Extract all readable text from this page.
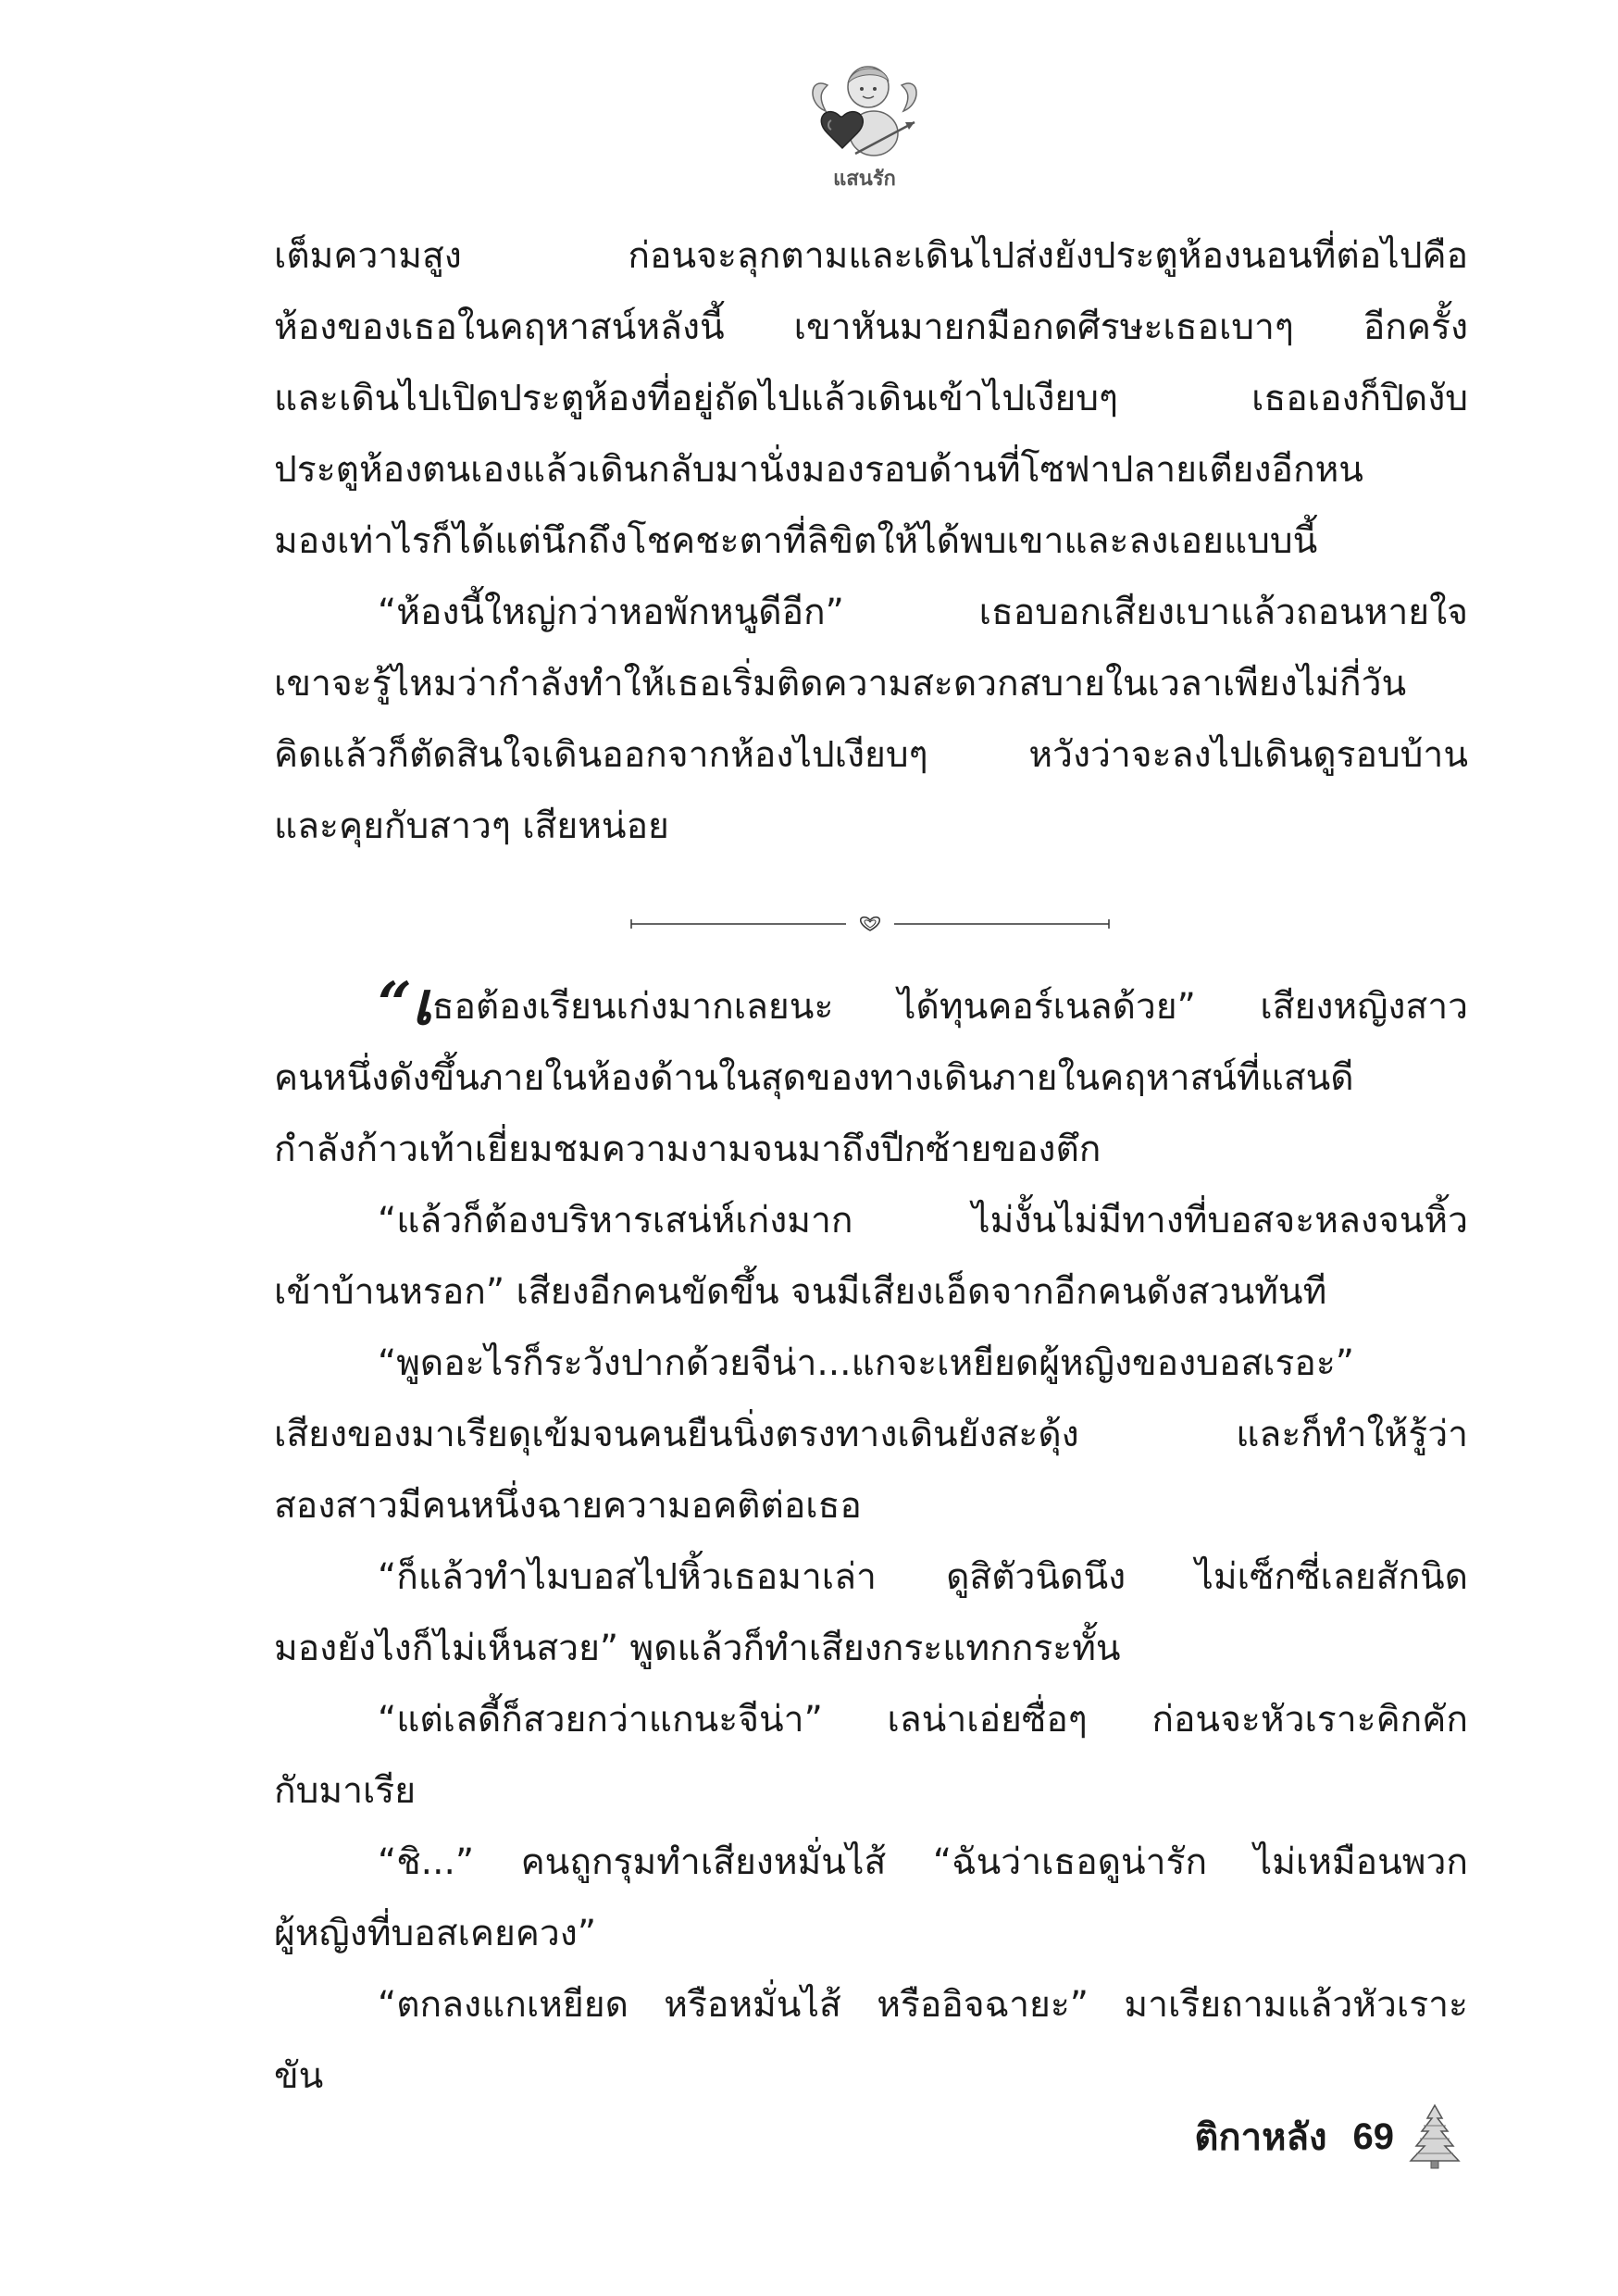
แสนรัก
เต็มความสูง ก่อนจะลุกตามและเดินไปส่งยังประตูห้องนอนที่ต่อไปคือ
ห้องของเธอในคฤหาสน์หลังนี้ เขาหันมายกมือกดศีรษะเธอเบาๆ อีกครั้ง
และเดินไปเปิดประตูห้องที่อยู่ถัดไปแล้วเดินเข้าไปเงียบๆ เธอเองก็ปิดงับ
ประตูห้องตนเองแล้วเดินกลับมานั่งมองรอบด้านที่โซฟาปลายเตียงอีกหน
มองเท่าไรก็ได้แต่นึกถึงโชคชะตาที่ลิขิตให้ได้พบเขาและลงเอยแบบนี้
“ห้องนี้ใหญ่กว่าหอพักหนูดีอีก” เธอบอกเสียงเบาแล้วถอนหายใจ
เขาจะรู้ไหมว่ากำลังทำให้เธอเริ่มติดความสะดวกสบายในเวลาเพียงไม่กี่วัน
คิดแล้วก็ตัดสินใจเดินออกจากห้องไปเงียบๆ หวังว่าจะลงไปเดินดูรอบบ้าน
และคุยกับสาวๆ เสียหน่อย
“เธอต้องเรียนเก่งมากเลยนะ ได้ทุนคอร์เนลด้วย” เสียงหญิงสาว
คนหนึ่งดังขึ้นภายในห้องด้านในสุดของทางเดินภายในคฤหาสน์ที่แสนดี
กำลังก้าวเท้าเยี่ยมชมความงามจนมาถึงปีกซ้ายของตึก
“แล้วก็ต้องบริหารเสน่ห์เก่งมาก ไม่งั้นไม่มีทางที่บอสจะหลงจนหิ้ว
เข้าบ้านหรอก” เสียงอีกคนขัดขึ้น จนมีเสียงเอ็ดจากอีกคนดังสวนทันที
“พูดอะไรก็ระวังปากด้วยจีน่า...แกจะเหยียดผู้หญิงของบอสเรอะ”
เสียงของมาเรียดุเข้มจนคนยืนนิ่งตรงทางเดินยังสะดุ้ง และก็ทำให้รู้ว่า
สองสาวมีคนหนึ่งฉายความอคติต่อเธอ
“ก็แล้วทำไมบอสไปหิ้วเธอมาเล่า ดูสิตัวนิดนึง ไม่เซ็กซี่เลยสักนิด
มองยังไงก็ไม่เห็นสวย” พูดแล้วก็ทำเสียงกระแทกกระทั้น
“แต่เลดี้ก็สวยกว่าแกนะจีน่า” เลน่าเอ่ยซื่อๆ ก่อนจะหัวเราะคิกคัก
กับมาเรีย
“ชิ...” คนถูกรุมทำเสียงหมั่นไส้ “ฉันว่าเธอดูน่ารัก ไม่เหมือนพวก
ผู้หญิงที่บอสเคยควง”
“ตกลงแกเหยียด หรือหมั่นไส้ หรืออิจฉายะ” มาเรียถามแล้วหัวเราะ
ขัน
ติกาหลัง 69
